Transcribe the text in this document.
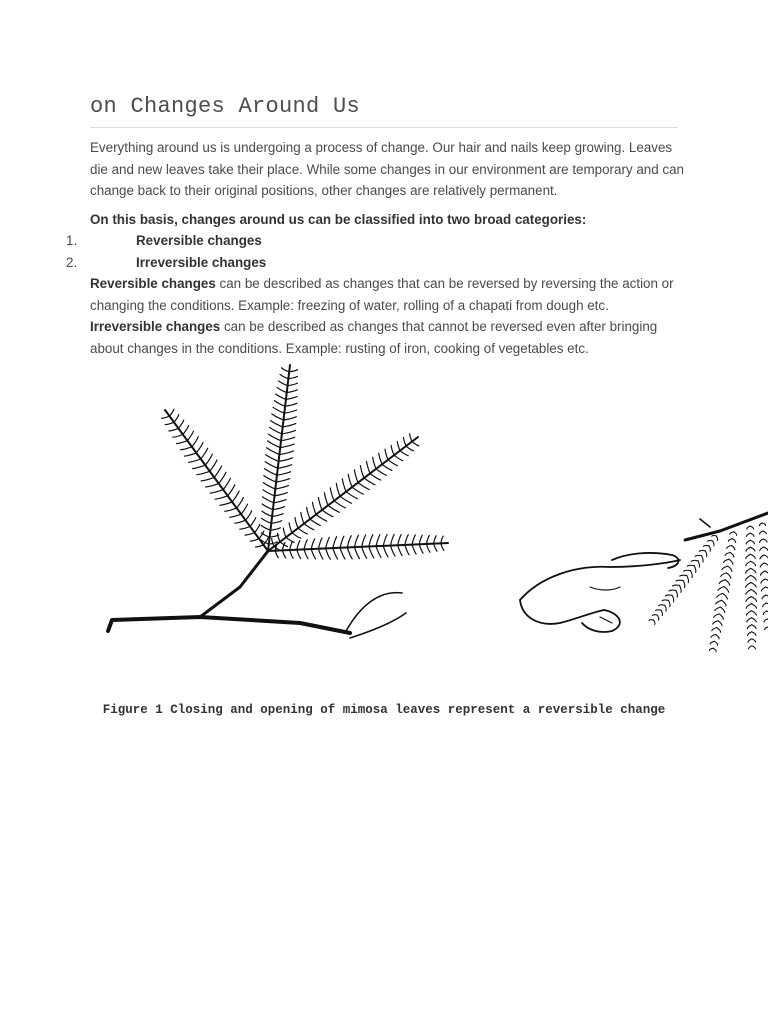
on Changes Around Us

Everything around us is undergoing a process of change. Our hair and nails keep growing. Leaves die and new leaves take their place. While some changes in our environment are temporary and can change back to their original positions, other changes are relatively permanent.

On this basis, changes around us can be classified into two broad categories:

1.	Reversible changes
2.	Irreversible changes

Reversible changes can be described as changes that can be reversed by reversing the action or changing the conditions. Example: freezing of water, rolling of a chapati from dough etc.

Irreversible changes can be described as changes that cannot be reversed even after bringing about changes in the conditions. Example: rusting of iron, cooking of vegetables etc.

Figure 1 Closing and opening of mimosa leaves represent a reversible change
